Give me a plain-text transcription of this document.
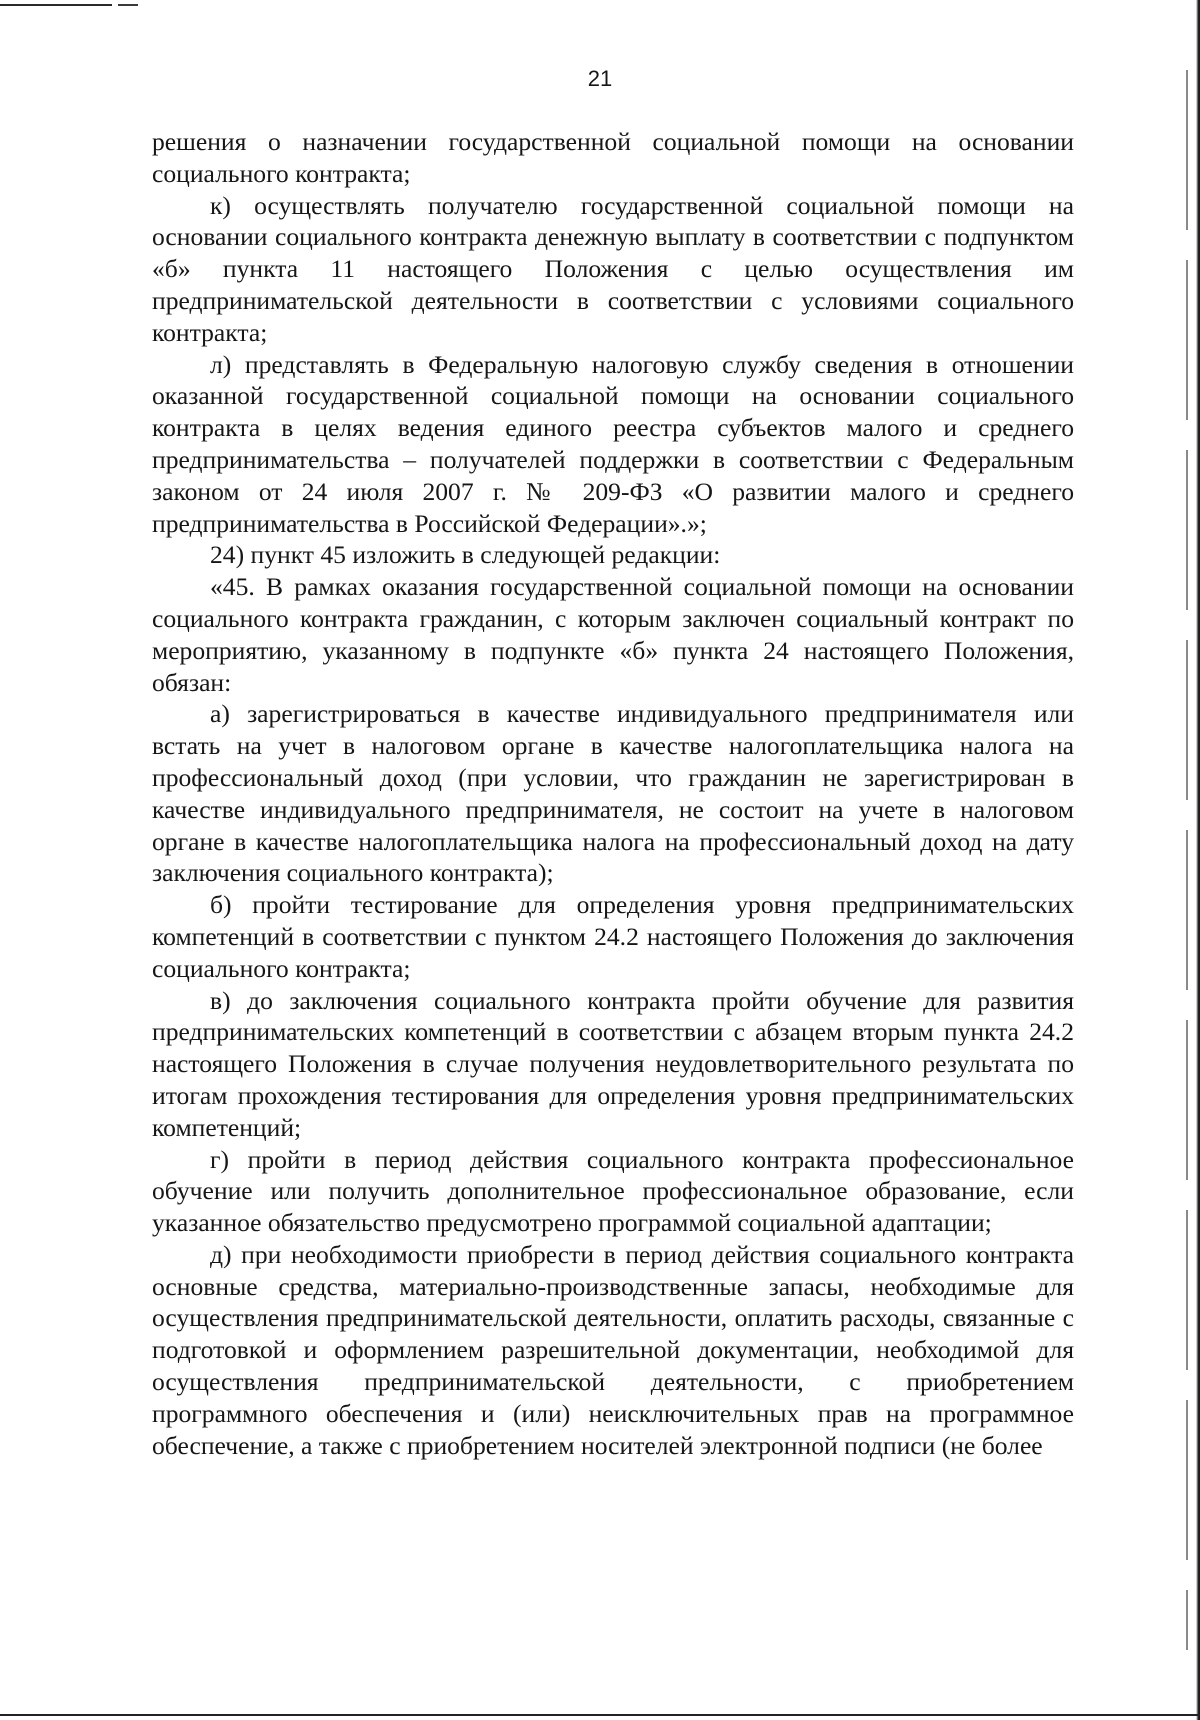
21

решения о назначении государственной социальной помощи на основании социального контракта;

к) осуществлять получателю государственной социальной помощи на основании социального контракта денежную выплату в соответствии с подпунктом «б» пункта 11 настоящего Положения с целью осуществления им предпринимательской деятельности в соответствии с условиями социального контракта;

л) представлять в Федеральную налоговую службу сведения в отношении оказанной государственной социальной помощи на основании социального контракта в целях ведения единого реестра субъектов малого и среднего предпринимательства – получателей поддержки в соответствии с Федеральным законом от 24 июля 2007 г. № 209-ФЗ «О развитии малого и среднего предпринимательства в Российской Федерации».»;

24) пункт 45 изложить в следующей редакции:

«45. В рамках оказания государственной социальной помощи на основании социального контракта гражданин, с которым заключен социальный контракт по мероприятию, указанному в подпункте «б» пункта 24 настоящего Положения, обязан:

а) зарегистрироваться в качестве индивидуального предпринимателя или встать на учет в налоговом органе в качестве налогоплательщика налога на профессиональный доход (при условии, что гражданин не зарегистрирован в качестве индивидуального предпринимателя, не состоит на учете в налоговом органе в качестве налогоплательщика налога на профессиональный доход на дату заключения социального контракта);

б) пройти тестирование для определения уровня предпринимательских компетенций в соответствии с пунктом 24.2 настоящего Положения до заключения социального контракта;

в) до заключения социального контракта пройти обучение для развития предпринимательских компетенций в соответствии с абзацем вторым пункта 24.2 настоящего Положения в случае получения неудовлетворительного результата по итогам прохождения тестирования для определения уровня предпринимательских компетенций;

г) пройти в период действия социального контракта профессиональное обучение или получить дополнительное профессиональное образование, если указанное обязательство предусмотрено программой социальной адаптации;

д) при необходимости приобрести в период действия социального контракта основные средства, материально-производственные запасы, необходимые для осуществления предпринимательской деятельности, оплатить расходы, связанные с подготовкой и оформлением разрешительной документации, необходимой для осуществления предпринимательской деятельности, с приобретением программного обеспечения и (или) неисключительных прав на программное обеспечение, а также с приобретением носителей электронной подписи (не более
